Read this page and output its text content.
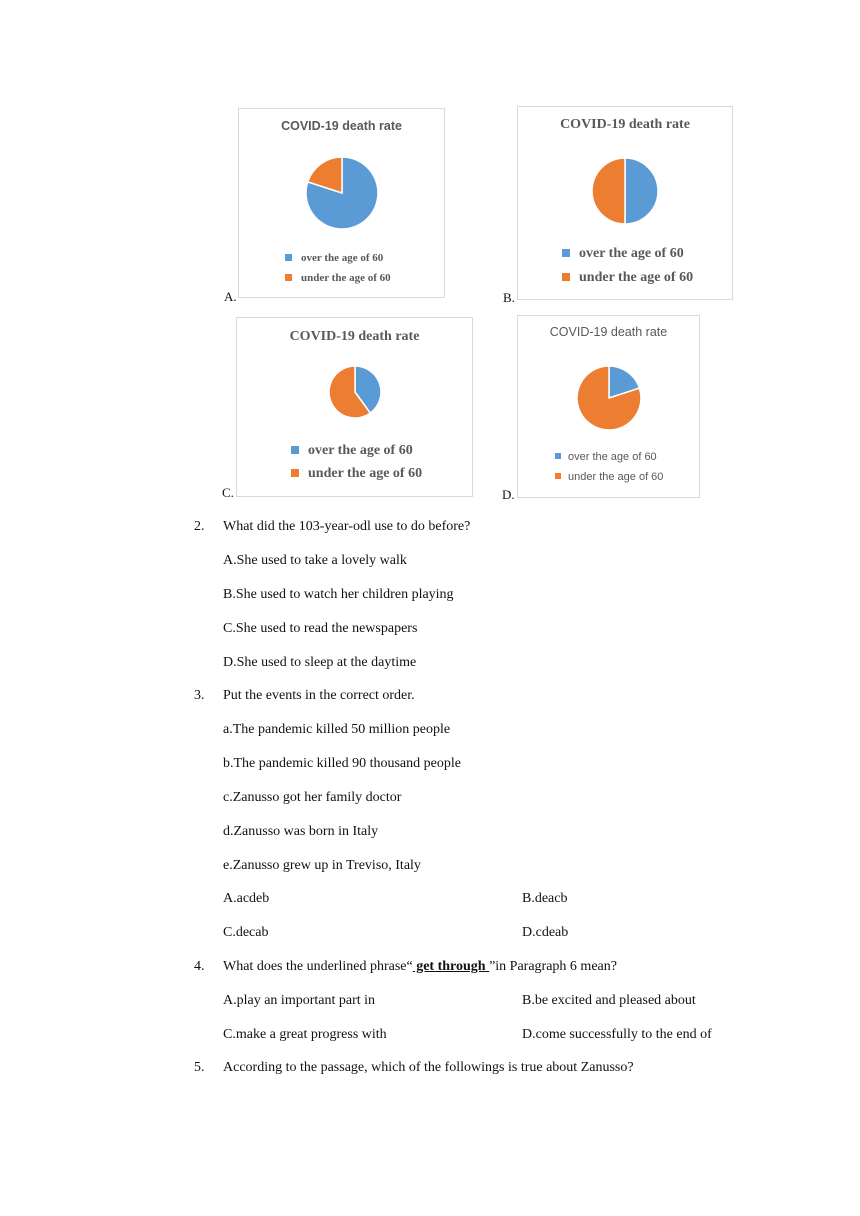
A.	B.
C.	D.
COVID-19 death rate
over the age of 60
under the age of 60
COVID-19 death rate
over the age of 60
under the age of 60
COVID-19 death rate
over the age of 60
under the age of 60
COVID-19 death rate
over the age of 60
under the age of 60
2. What did the 103-year-odl use to do before?
A.She used to take a lovely walk
B.She used to watch her children playing
C.She used to read the newspapers
D.She used to sleep at the daytime
3. Put the events in the correct order.
a.The pandemic killed 50 million people
b.The pandemic killed 90 thousand people
c.Zanusso got her family doctor
d.Zanusso was born in Italy
e.Zanusso grew up in Treviso, Italy
A.acdeb	B.deacb
C.decab	D.cdeab
4. What does the underlined phrase“ get through ”in Paragraph 6 mean?
A.play an important part in	B.be excited and pleased about
C.make a great progress with	D.come successfully to the end of
5. According to the passage, which of the followings is true about Zanusso?
